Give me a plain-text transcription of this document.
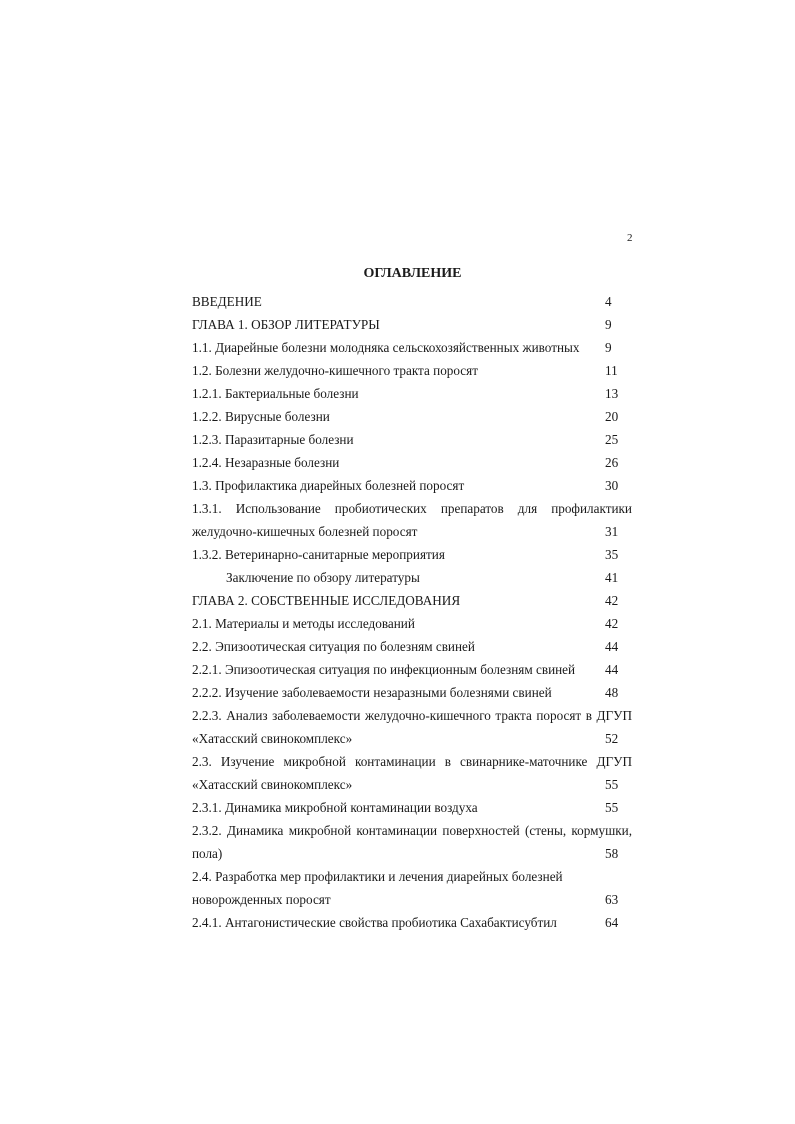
2
ОГЛАВЛЕНИЕ
ВВЕДЕНИЕ	4
ГЛАВА 1. ОБЗОР ЛИТЕРАТУРЫ	9
1.1. Диарейные болезни молодняка сельскохозяйственных животных 9
1.2. Болезни желудочно-кишечного тракта поросят	11
1.2.1. Бактериальные болезни	13
1.2.2. Вирусные болезни	20
1.2.3. Паразитарные болезни	25
1.2.4. Незаразные болезни	26
1.3. Профилактика диарейных болезней поросят	30
1.3.1. Использование пробиотических препаратов для профилактики
желудочно-кишечных болезней поросят	31
1.3.2. Ветеринарно-санитарные мероприятия	35
Заключение по обзору литературы	41
ГЛАВА 2. СОБСТВЕННЫЕ ИССЛЕДОВАНИЯ	42
2.1. Материалы и методы исследований	42
2.2. Эпизоотическая ситуация по болезням свиней	44
2.2.1. Эпизоотическая ситуация по инфекционным болезням свиней 44
2.2.2. Изучение заболеваемости незаразными болезнями свиней	48
2.2.3. Анализ заболеваемости желудочно-кишечного тракта поросят в ДГУП
«Хатасский свинокомплекс»	52
2.3. Изучение микробной контаминации в свинарнике-маточнике ДГУП
«Хатасский свинокомплекс»	55
2.3.1. Динамика микробной контаминации воздуха	55
2.3.2. Динамика микробной контаминации поверхностей (стены, кормушки,
пола)	58
2.4. Разработка мер профилактики и лечения диарейных болезней
новорожденных поросят	63
2.4.1. Антагонистические свойства пробиотика Сахабактисубтил	64
